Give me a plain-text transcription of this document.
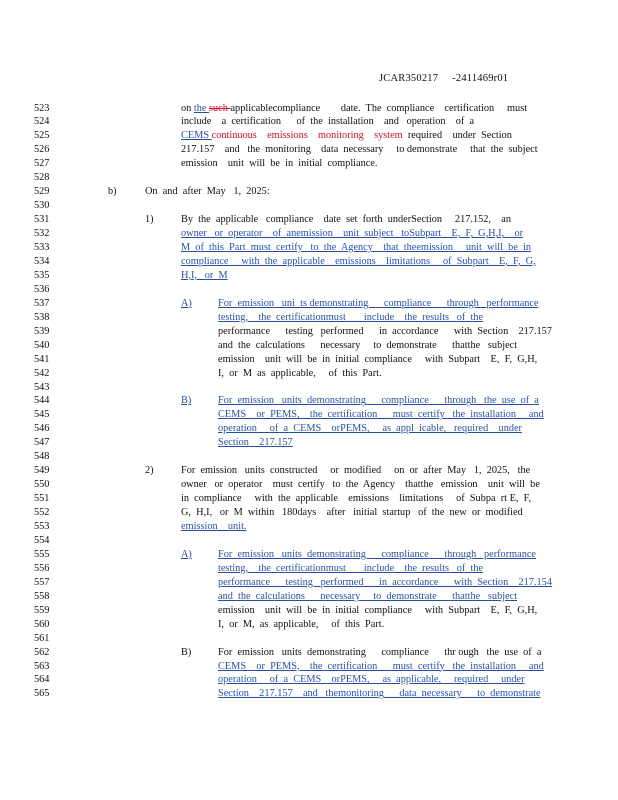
JCAR350217 -2411469r01
523	on the such applicablecompliance        date.  The  compliance    certification     must
524	include    a  certification      of  the  installation    and   operation    of  a
525	CEMS continuous    emissions    monitoring    system  required    under  Section
526	217.157    and   the  monitoring    data  necessary     to demonstrate     that  the  subject
527	emission    unit  will  be  in  initial  compliance.
528
529	b)	On  and  after  May   1,  2025:
530
531	1)	By  the  applicable   compliance    date  set  forth  underSection     217.152,    an
532	owner   or  operator    of  anemission    unit  subject   toSubpart    E,  F,  G,H,I,    or
533	M  of  this  Part  must  certify   to  the  Agency    that  theemission     unit  will  be  in
534	compliance     with  the  applicable    emissions    limitations     of  Subpart    E,  F,  G,
535	H,I,   or  M
536
537	A)	For  emission   uni  ts demonstrating      compliance      through   performance
538	testing,    the  certificationmust       include    the  results   of  the
539	performance      testing   performed      in  accordance      with  Section    217.157
540	and  the  calculations      necessary     to  demonstrate      thatthe   subject
541	emission    unit  will  be  in  initial  compliance     with  Subpart    E,  F,  G,H,
542	I,  or  M  as  applicable,     of  this  Part.
543
544	B)	For  emission   units  demonstrating      compliance      through   the  use  of  a
545	CEMS    or  PEMS,    the  certification      must  certify   the  installation     and
546	operation     of  a  CEMS    orPEMS,     as  appl  icable,   required    under
547	Section    217.157
548
549	2)	For  emission   units  constructed     or  modified     on  or  after  May   1,  2025,   the
550	owner   or  operator    must  certify   to  the  Agency    thatthe   emission    unit  will  be
551	in  compliance     with  the  applicable    emissions    limitations     of  Subpa  rt E,  F,
552	G,  H,I,   or  M  within   180days    after   initial  startup   of  the  new  or  modified
553	emission    unit.
554
555	A)	For  emission   units  demonstrating      compliance      through   performance
556	testing,    the  certificationmust       include    the  results   of  the
557	performance      testing   performed      in  accordance      with  Section    217.154
558	and  the  calculations      necessary     to  demonstrate      thatthe   subject
559	emission    unit  will  be  in  initial  compliance     with  Subpart    E,  F,  G,H,
560	I,  or  M,  as  applicable,     of  this  Part.
561
562	B)	For  emission   units  demonstrating      compliance      thr ough   the  use  of  a
563	CEMS    or  PEMS,    the  certification      must  certify   the  installation     and
564	operation     of  a  CEMS    orPEMS,     as  applicable,     required     under
565	Section    217.157    and   themonitoring      data  necessary      to  demonstrate
